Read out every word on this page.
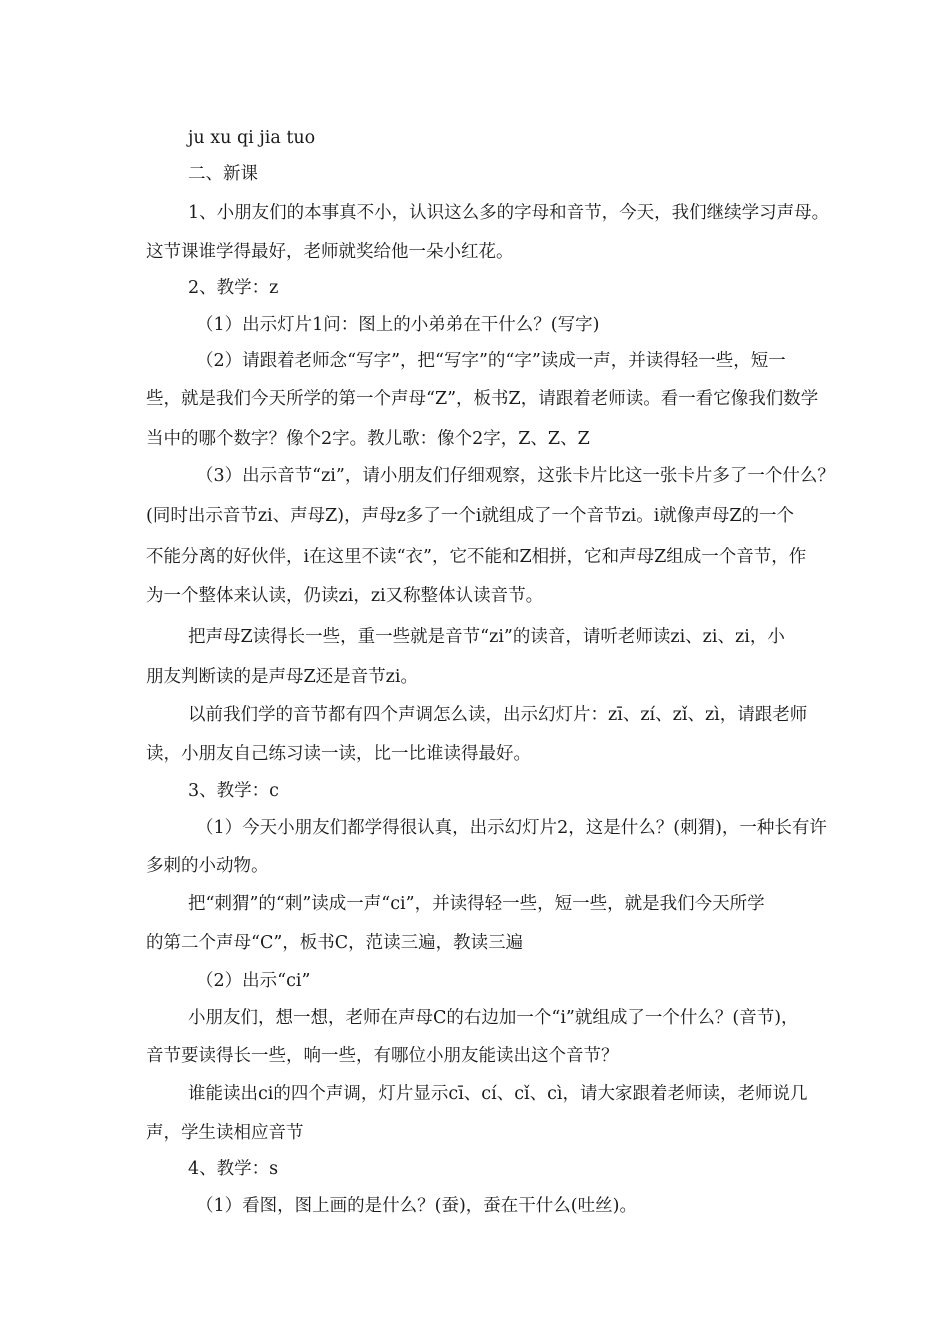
ju xu qi jia tuo
二、新课
1、小朋友们的本事真不小，认识这么多的字母和音节，今天，我们继续学习声母。
这节课谁学得最好，老师就奖给他一朵小红花。
2、教学：z
（1）出示灯片1问：图上的小弟弟在干什么？(写字)
（2）请跟着老师念“写字”，把“写字”的“字”读成一声，并读得轻一些，短一
些，就是我们今天所学的第一个声母“Z”，板书Z，请跟着老师读。看一看它像我们数学
当中的哪个数字？像个2字。教儿歌：像个2字，Z、Z、Z
（3）出示音节“zi”，请小朋友们仔细观察，这张卡片比这一张卡片多了一个什么？
(同时出示音节zi、声母Z)，声母z多了一个i就组成了一个音节zi。i就像声母Z的一个
不能分离的好伙伴，i在这里不读“衣”，它不能和Z相拼，它和声母Z组成一个音节，作
为一个整体来认读，仍读zi，zi又称整体认读音节。
把声母Z读得长一些，重一些就是音节“zi”的读音，请听老师读zi、zi、zi，小
朋友判断读的是声母Z还是音节zi。
以前我们学的音节都有四个声调怎么读，出示幻灯片：zī、zí、zǐ、zì，请跟老师
读，小朋友自己练习读一读，比一比谁读得最好。
3、教学：c
（1）今天小朋友们都学得很认真，出示幻灯片2，这是什么？(刺猬)，一种长有许
多刺的小动物。
把“刺猬”的“刺”读成一声“ci”，并读得轻一些，短一些，就是我们今天所学
的第二个声母“C”，板书C，范读三遍，教读三遍
（2）出示“ci”
小朋友们，想一想，老师在声母C的右边加一个“i”就组成了一个什么？(音节)，
音节要读得长一些，响一些，有哪位小朋友能读出这个音节？
谁能读出ci的四个声调，灯片显示cī、cí、cǐ、cì，请大家跟着老师读，老师说几
声，学生读相应音节
4、教学：s
（1）看图，图上画的是什么？(蚕)，蚕在干什么(吐丝)。
